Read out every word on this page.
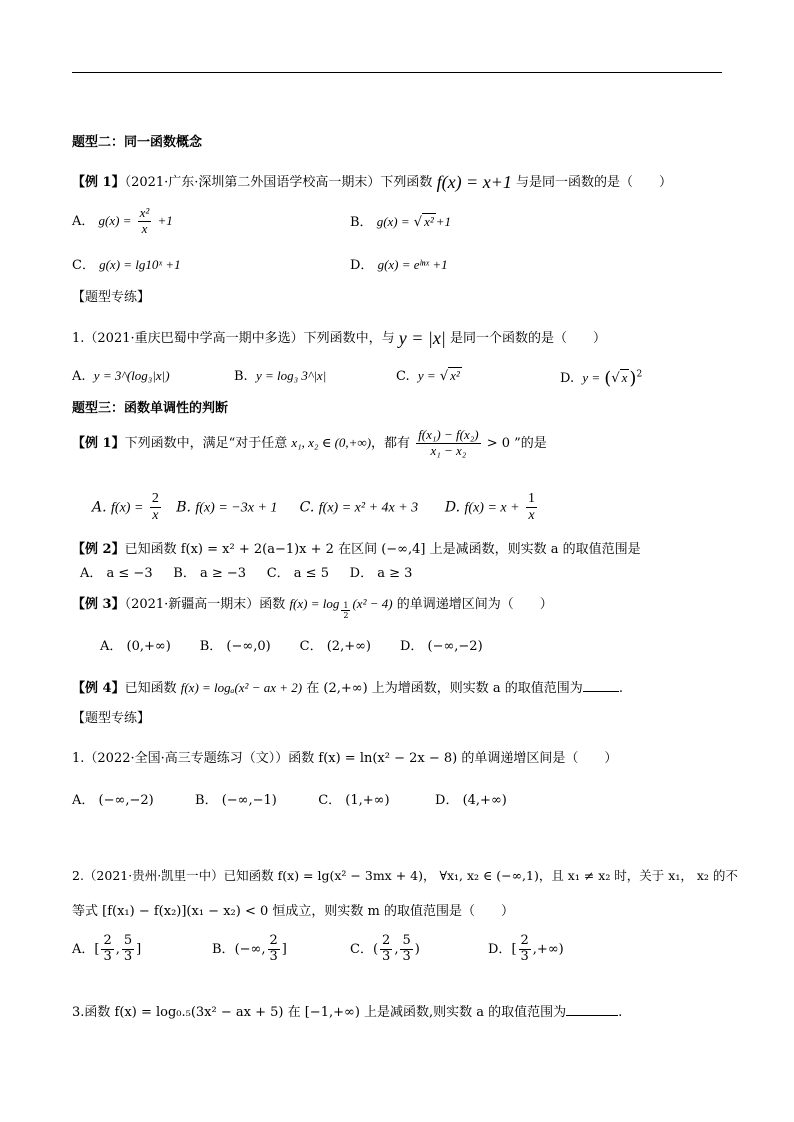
题型二：同一函数概念
【例 1】（2021·广东·深圳第二外国语学校高一期末）下列函数 f(x) = x+1 与是同一函数的是（　　）
A． $g(x) = \frac{\text{x²}}{x} +1$	B． g(x) = √ x² +1
C． g(x) = lg10ˣ +1	D． g(x) = eˡⁿˣ +1
【题型专练】
1.（2021·重庆巴蜀中学高一期中多选）下列函数中，与 y = |x| 是同一个函数的是（　　）
A. y = 3^(log₃|x|)	B. y = log₃ 3^|x|	C. y = √ x²	D. y = (√ x )$^2$
题型三：函数单调性的判断
【例 1】下列函数中，满足“对于任意 x₁, x₂ ∈ (0,+∞)，都有 $\frac{\text{f(x₁) − f(x₂)}}{\text{x₁ − x₂}} > 0$ ”的是
A. $f(x) = \frac{2}{x} B$. f(x) = −3x + 1 C. f(x) = x² + 4x + 3 D. $f(x) = x + \frac{1}{x}$
【例 2】已知函数 f(x) = x² + 2(a−1)x + 2 在区间 (−∞,4] 上是减函数，则实数 a 的取值范围是
A． a ≤ −3 B． a ≥ −3 C． a ≤ 5 D． a ≥ 3
【例 3】（2021·新疆高一期末）函数 $f(x) = \log \frac{1}{2} (x^2 - 4)$ 的单调递增区间为（　　）
A． (0,+∞) B． (−∞,0) C． (2,+∞) D． (−∞,−2)
【例 4】已知函数 f(x) = logₐ(x² − ax + 2) 在 (2,+∞) 上为增函数，则实数 a 的取值范围为	.
【题型专练】
1.（2022·全国·高三专题练习（文））函数 f(x) = ln(x² − 2x − 8) 的单调递增区间是（　　）
A． (−∞,−2)	B． (−∞,−1)	C． (1,+∞)	D． (4,+∞)
2.（2021·贵州·凯里一中）已知函数 f(x) = lg(x² − 3mx + 4)， ∀x₁, x₂ ∈ (−∞,1)，且 x₁ ≠ x₂ 时，关于 x₁， x₂ 的不
等式 [f(x₁) − f(x₂)](x₁ − x₂) < 0 恒成立，则实数 m 的取值范围是（　　）
A．[ $\frac{2}{3}$ , $\frac{5}{3}$ ]	B．(−∞, $\frac{2}{3}$ ]	C．( $\frac{2}{3}$ , $\frac{5}{3}$ )	D．[ $\frac{2}{3}$ ,+∞)
3.函数 f(x) = log₀.₅(3x² − ax + 5) 在 [−1,+∞) 上是减函数,则实数 a 的取值范围为	.
